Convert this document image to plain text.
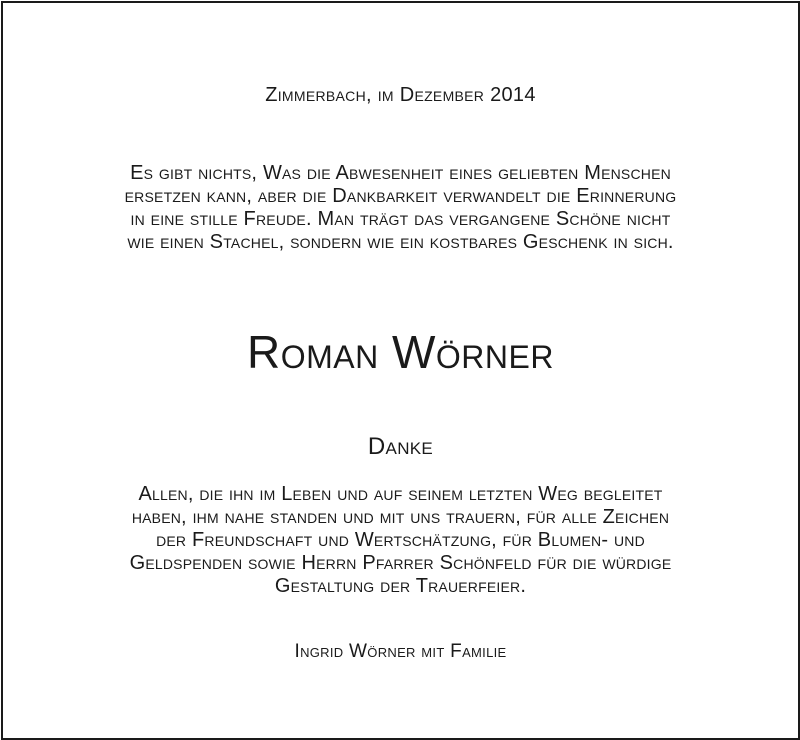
Zimmerbach, im Dezember 2014
Es gibt nichts, Was die Abwesenheit eines geliebten Menschen
ersetzen kann, aber die Dankbarkeit verwandelt die Erinnerung
in eine stille Freude. Man trägt das vergangene Schöne nicht
wie einen Stachel, sondern wie ein kostbares Geschenk in sich.
Roman Wörner
Danke
Allen, die ihn im Leben und auf seinem letzten Weg begleitet
haben, ihm nahe standen und mit uns trauern, für alle Zeichen
der Freundschaft und Wertschätzung, für Blumen- und
Geldspenden sowie Herrn Pfarrer Schönfeld für die würdige
Gestaltung der Trauerfeier.
Ingrid Wörner mit Familie
